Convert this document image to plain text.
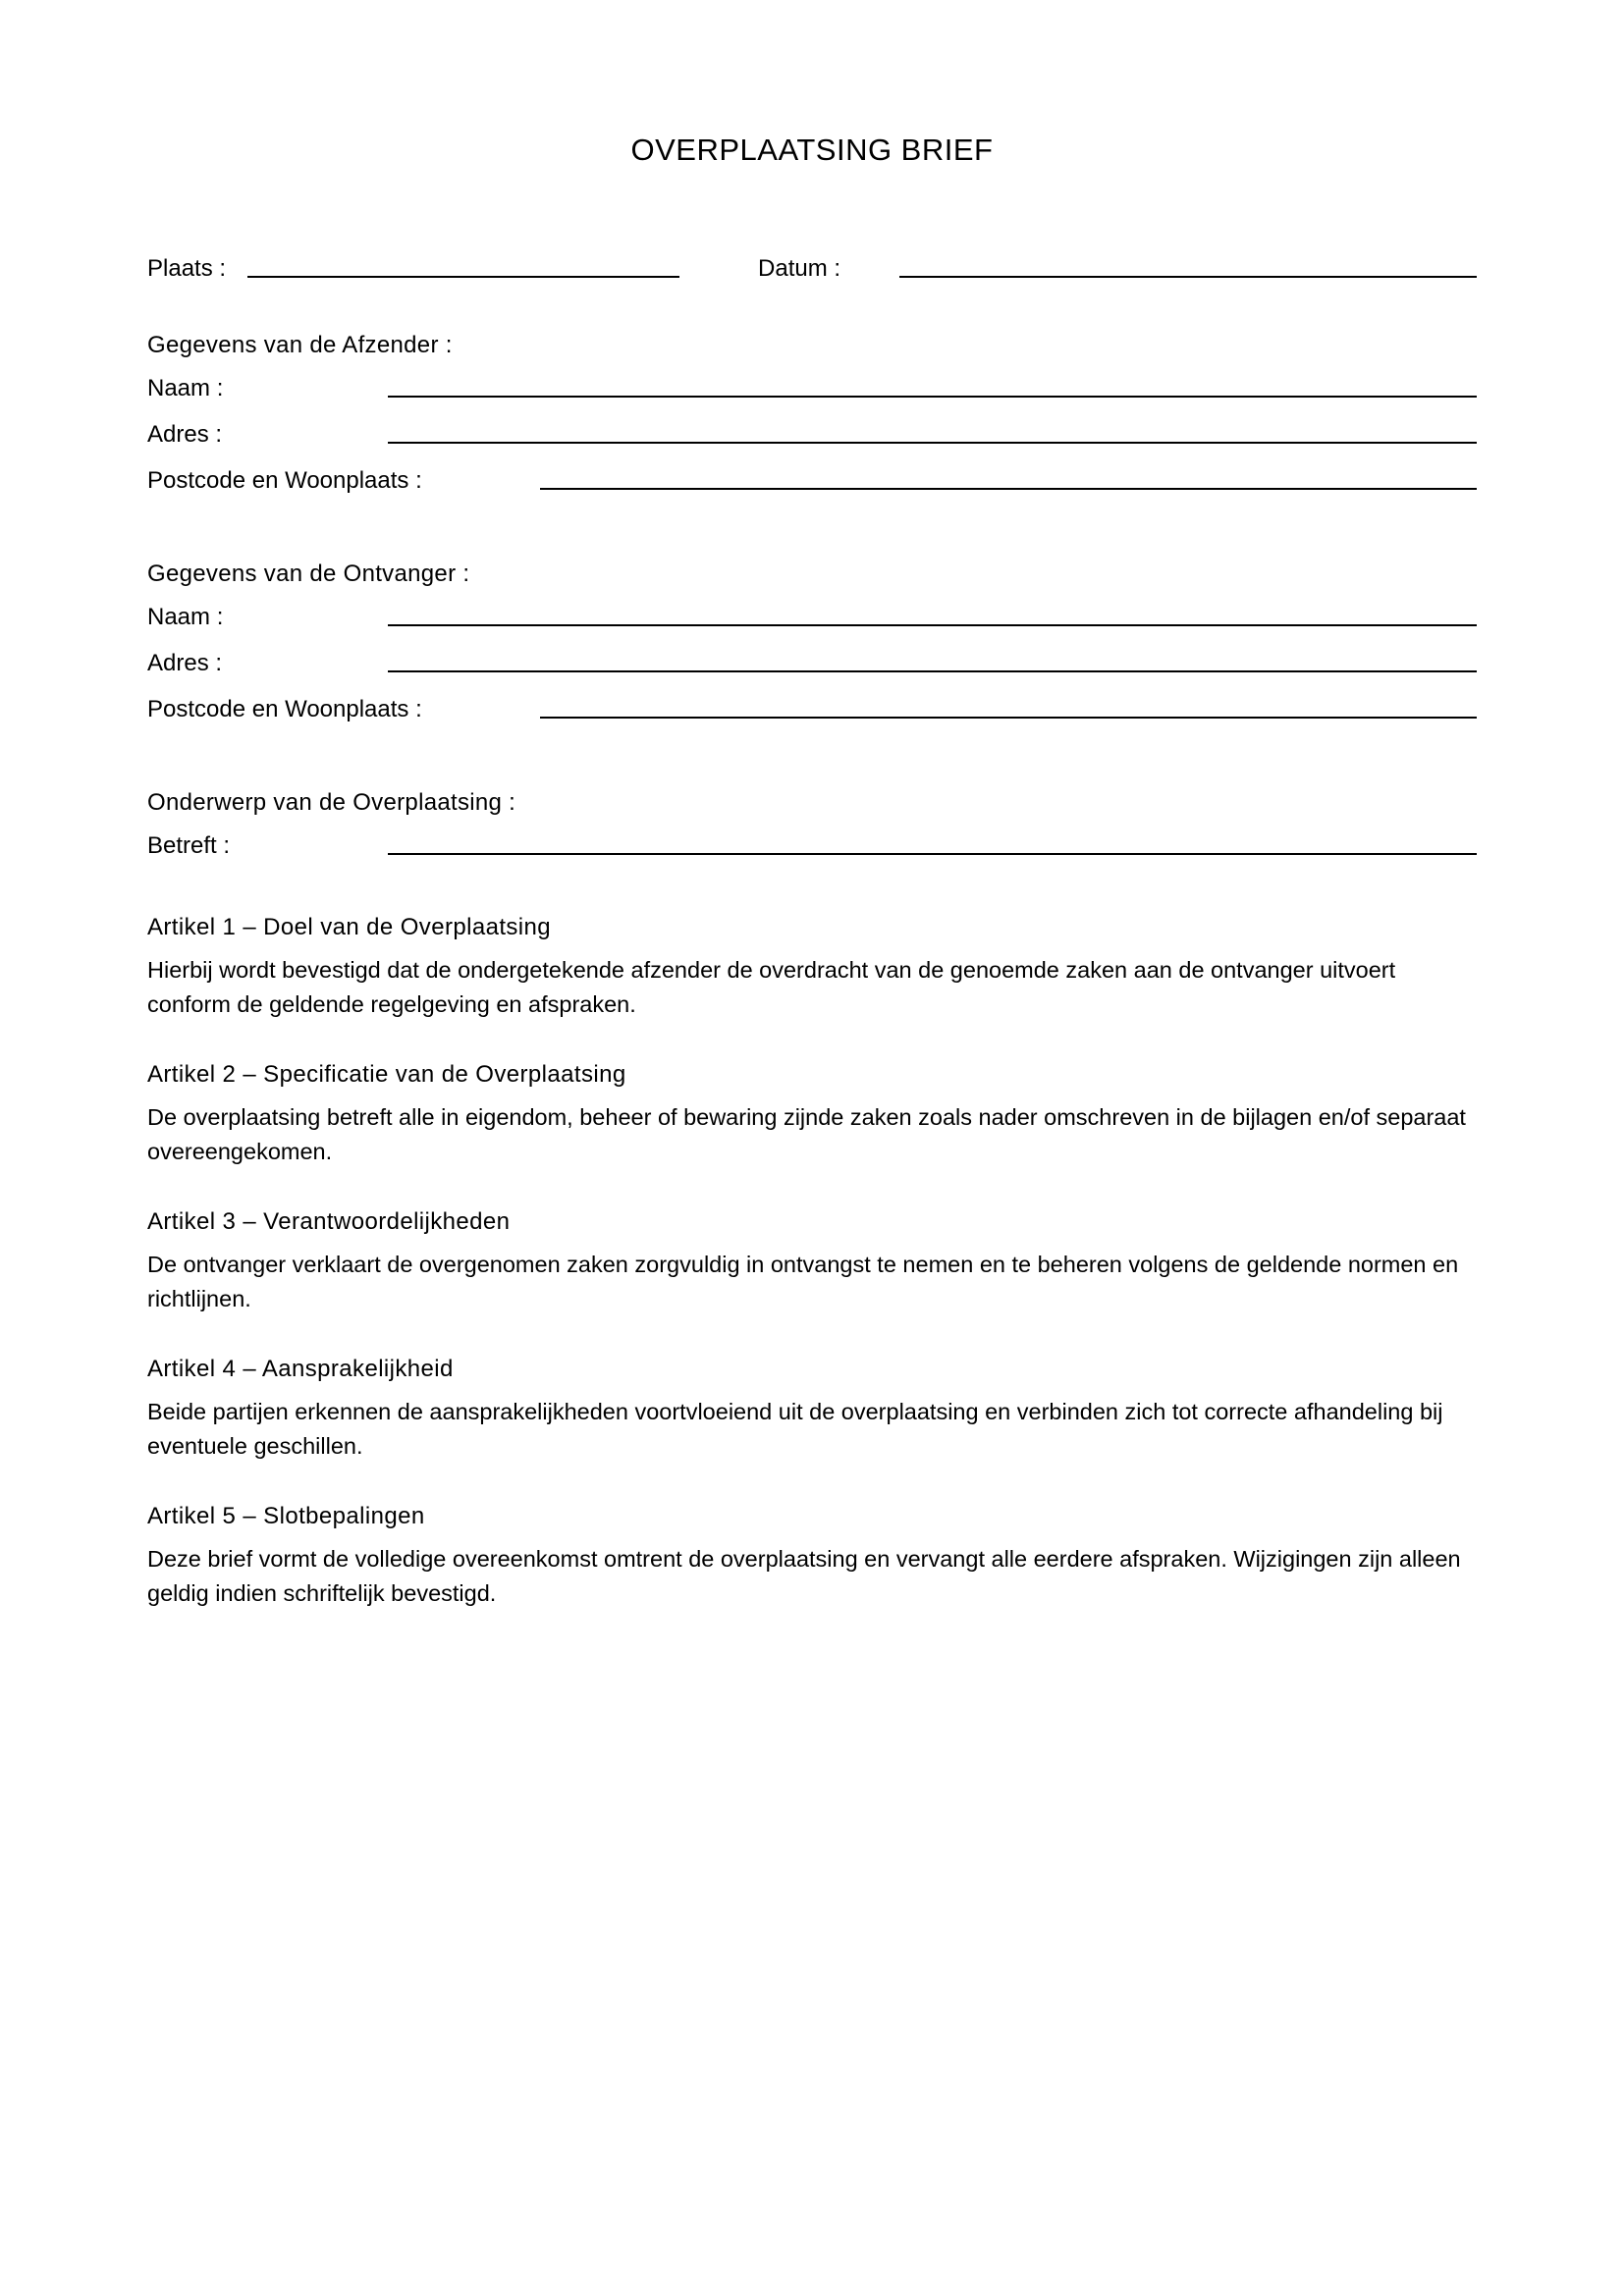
OVERPLAATSING BRIEF
Plaats :	Datum :
Gegevens van de Afzender :
Naam :
Adres :
Postcode en Woonplaats :
Gegevens van de Ontvanger :
Naam :
Adres :
Postcode en Woonplaats :
Onderwerp van de Overplaatsing :
Betreft :
Artikel 1 – Doel van de Overplaatsing

Hierbij wordt bevestigd dat de ondergetekende afzender de overdracht van de genoemde zaken aan de ontvanger uitvoert conform de geldende regelgeving en afspraken.

Artikel 2 – Specificatie van de Overplaatsing

De overplaatsing betreft alle in eigendom, beheer of bewaring zijnde zaken zoals nader omschreven in de bijlagen en/of separaat overeengekomen.

Artikel 3 – Verantwoordelijkheden

De ontvanger verklaart de overgenomen zaken zorgvuldig in ontvangst te nemen en te beheren volgens de geldende normen en richtlijnen.

Artikel 4 – Aansprakelijkheid

Beide partijen erkennen de aansprakelijkheden voortvloeiend uit de overplaatsing en verbinden zich tot correcte afhandeling bij eventuele geschillen.

Artikel 5 – Slotbepalingen

Deze brief vormt de volledige overeenkomst omtrent de overplaatsing en vervangt alle eerdere afspraken. Wijzigingen zijn alleen geldig indien schriftelijk bevestigd.
